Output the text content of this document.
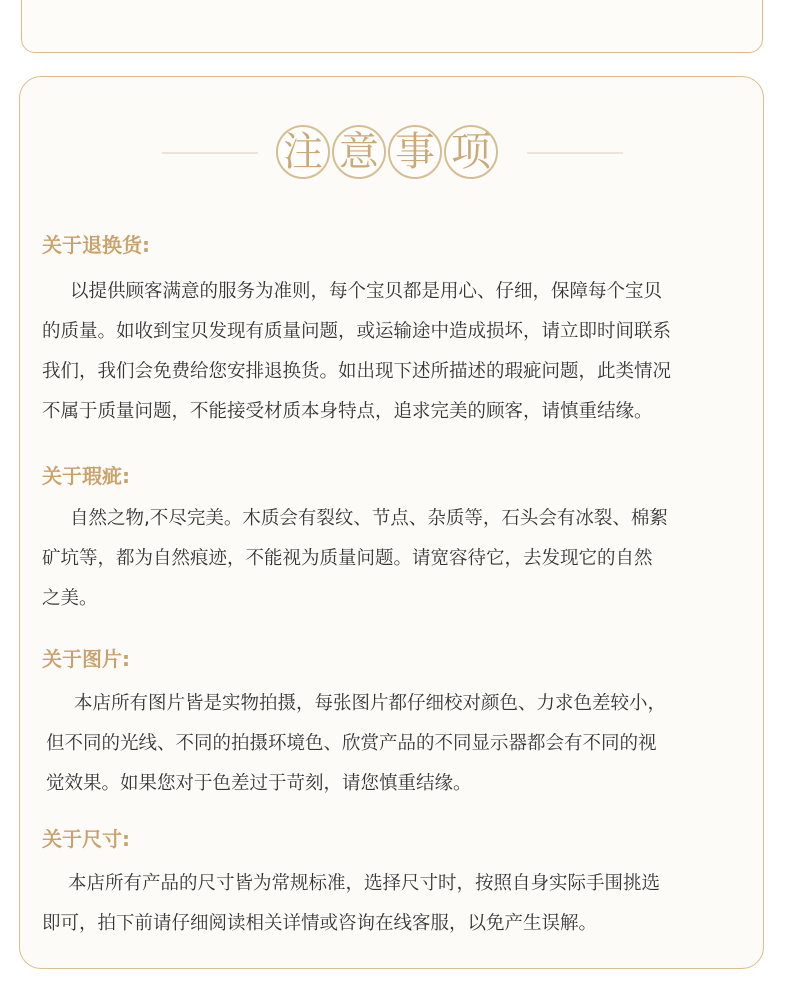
注 意 事 项
关于退换货:

以提供顾客满意的服务为准则，每个宝贝都是用心、仔细，保障每个宝贝
的质量。如收到宝贝发现有质量问题，或运输途中造成损坏，请立即时间联系
我们，我们会免费给您安排退换货。如出现下述所描述的瑕疵问题，此类情况
不属于质量问题，不能接受材质本身特点，追求完美的顾客，请慎重结缘。

关于瑕疵:

自然之物,不尽完美。木质会有裂纹、节点、杂质等，石头会有冰裂、棉絮
矿坑等，都为自然痕迹，不能视为质量问题。请宽容待它，去发现它的自然
之美。

关于图片:

本店所有图片皆是实物拍摄，每张图片都仔细校对颜色、力求色差较小，
但不同的光线、不同的拍摄环境色、欣赏产品的不同显示器都会有不同的视
觉效果。如果您对于色差过于苛刻，请您慎重结缘。

关于尺寸:

本店所有产品的尺寸皆为常规标准，选择尺寸时，按照自身实际手围挑选
即可，拍下前请仔细阅读相关详情或咨询在线客服，以免产生误解。
